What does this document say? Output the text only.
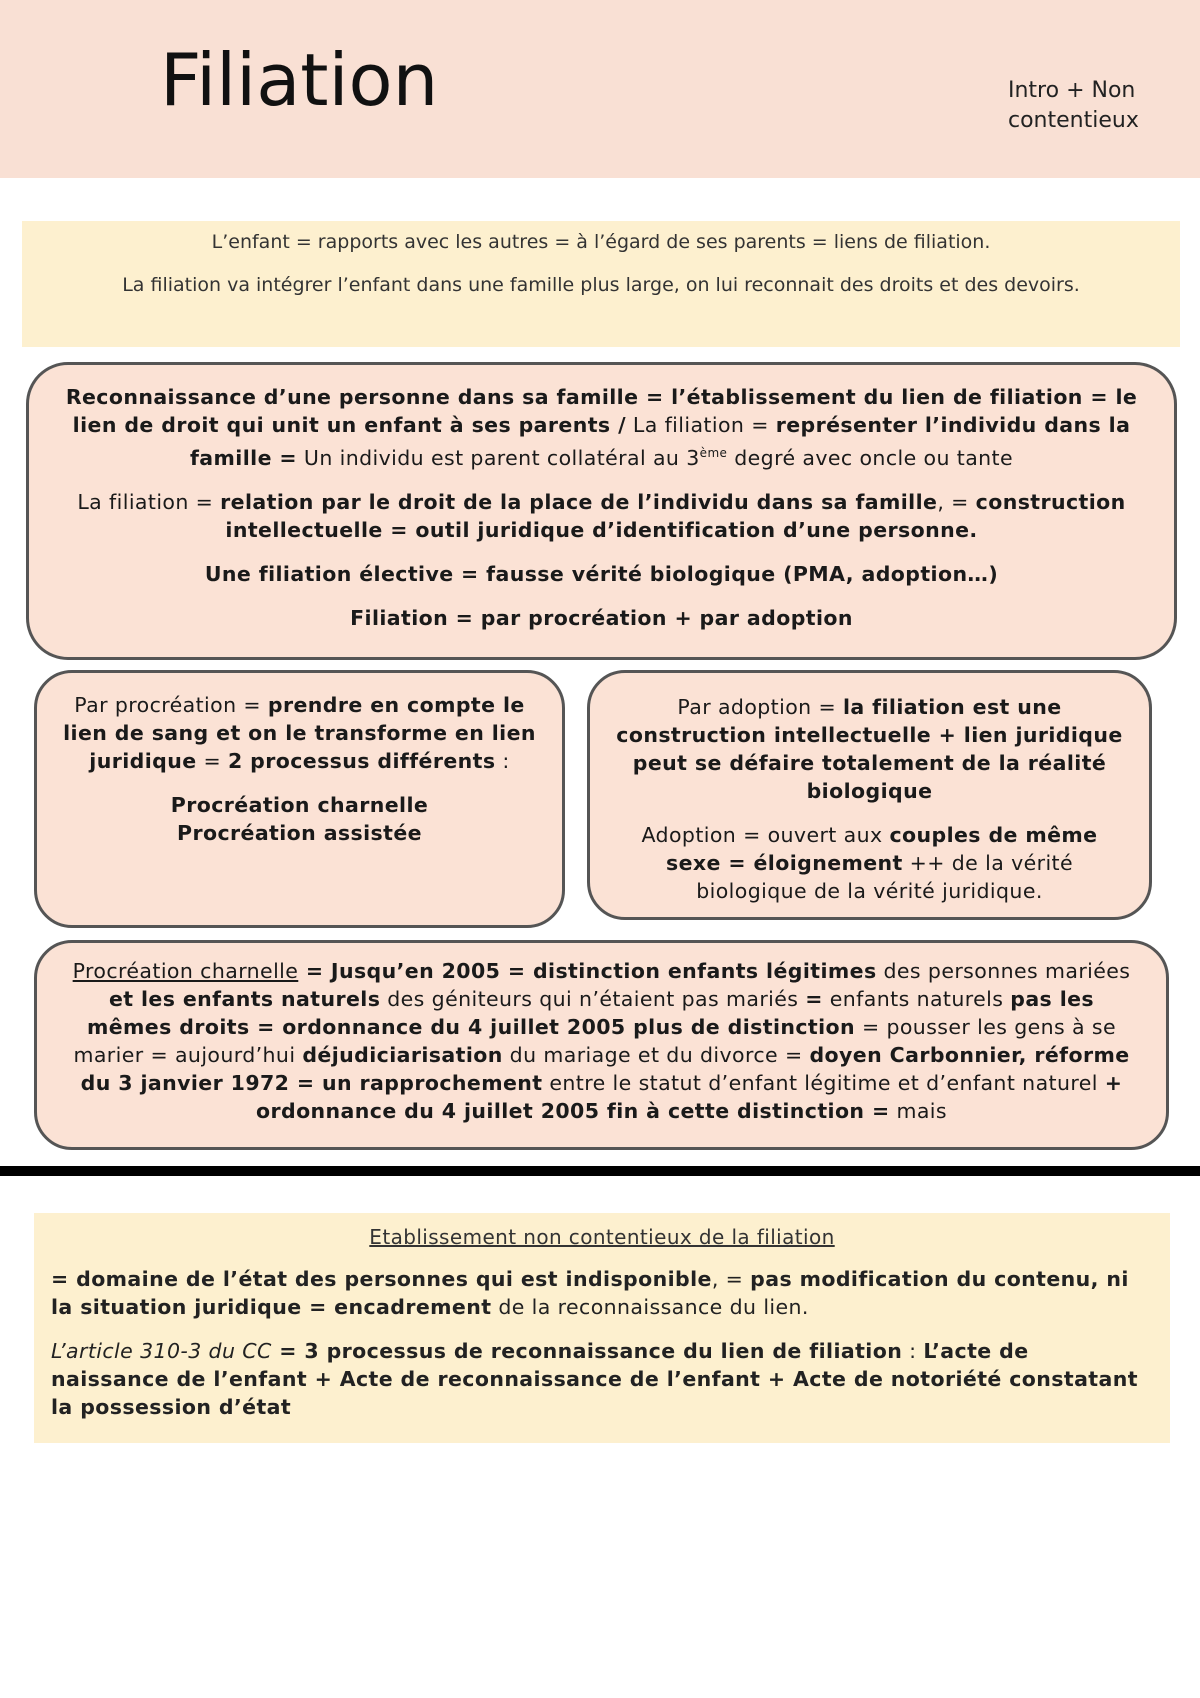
Filiation	Intro + Non
contentieux

L’enfant = rapports avec les autres = à l’égard de ses parents = liens de filiation.

La filiation va intégrer l’enfant dans une famille plus large, on lui reconnait des droits et des devoirs.

Reconnaissance d’une personne dans sa famille = l’établissement du lien de filiation = le lien de droit qui unit un enfant à ses parents / La filiation = représenter l’individu dans la famille = Un individu est parent collatéral au 3ème degré avec oncle ou tante

La filiation = relation par le droit de la place de l’individu dans sa famille, = construction intellectuelle = outil juridique d’identification d’une personne.

Une filiation élective = fausse vérité biologique (PMA, adoption…)

Filiation = par procréation + par adoption

Par procréation = prendre en compte le lien de sang et on le transforme en lien juridique = 2 processus différents :

Procréation charnelle

Procréation assistée

Par adoption = la filiation est une construction intellectuelle + lien juridique peut se défaire totalement de la réalité biologique

Adoption = ouvert aux couples de même sexe = éloignement ++ de la vérité biologique de la vérité juridique.

Procréation charnelle = Jusqu’en 2005 = distinction enfants légitimes des personnes mariées et les enfants naturels des géniteurs qui n’étaient pas mariés = enfants naturels pas les mêmes droits = ordonnance du 4 juillet 2005 plus de distinction = pousser les gens à se marier = aujourd’hui déjudiciarisation du mariage et du divorce = doyen Carbonnier, réforme du 3 janvier 1972 = un rapprochement entre le statut d’enfant légitime et d’enfant naturel + ordonnance du 4 juillet 2005 fin à cette distinction = mais

Etablissement non contentieux de la filiation

= domaine de l’état des personnes qui est indisponible, = pas modification du contenu, ni la situation juridique = encadrement de la reconnaissance du lien.

L’article 310-3 du CC = 3 processus de reconnaissance du lien de filiation : L’acte de naissance de l’enfant + Acte de reconnaissance de l’enfant + Acte de notoriété constatant la possession d’état
